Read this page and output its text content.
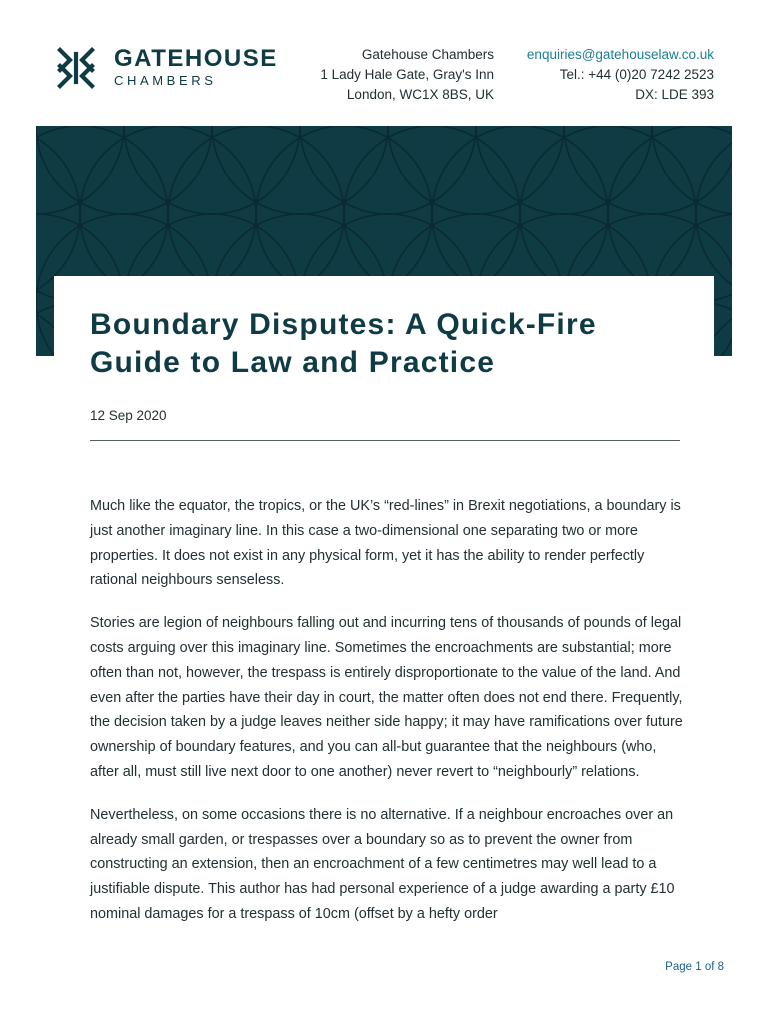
GATEHOUSE
CHAMBERS
Gatehouse Chambers
1 Lady Hale Gate, Gray's Inn
London, WC1X 8BS, UK
enquiries@gatehouselaw.co.uk
Tel.: +44 (0)20 7242 2523
DX: LDE 393
Boundary Disputes: A Quick-Fire Guide to Law and Practice
12 Sep 2020

Much like the equator, the tropics, or the UK’s “red-lines” in Brexit negotiations, a boundary is just another imaginary line. In this case a two-dimensional one separating two or more properties. It does not exist in any physical form, yet it has the ability to render perfectly rational neighbours senseless.

Stories are legion of neighbours falling out and incurring tens of thousands of pounds of legal costs arguing over this imaginary line. Sometimes the encroachments are substantial; more often than not, however, the trespass is entirely disproportionate to the value of the land. And even after the parties have their day in court, the matter often does not end there. Frequently, the decision taken by a judge leaves neither side happy; it may have ramifications over future ownership of boundary features, and you can all-but guarantee that the neighbours (who, after all, must still live next door to one another) never revert to “neighbourly” relations.

Nevertheless, on some occasions there is no alternative. If a neighbour encroaches over an already small garden, or trespasses over a boundary so as to prevent the owner from constructing an extension, then an encroachment of a few centimetres may well lead to a justifiable dispute. This author has had personal experience of a judge awarding a party £10 nominal damages for a trespass of 10cm (offset by a hefty order

Page 1 of 8
